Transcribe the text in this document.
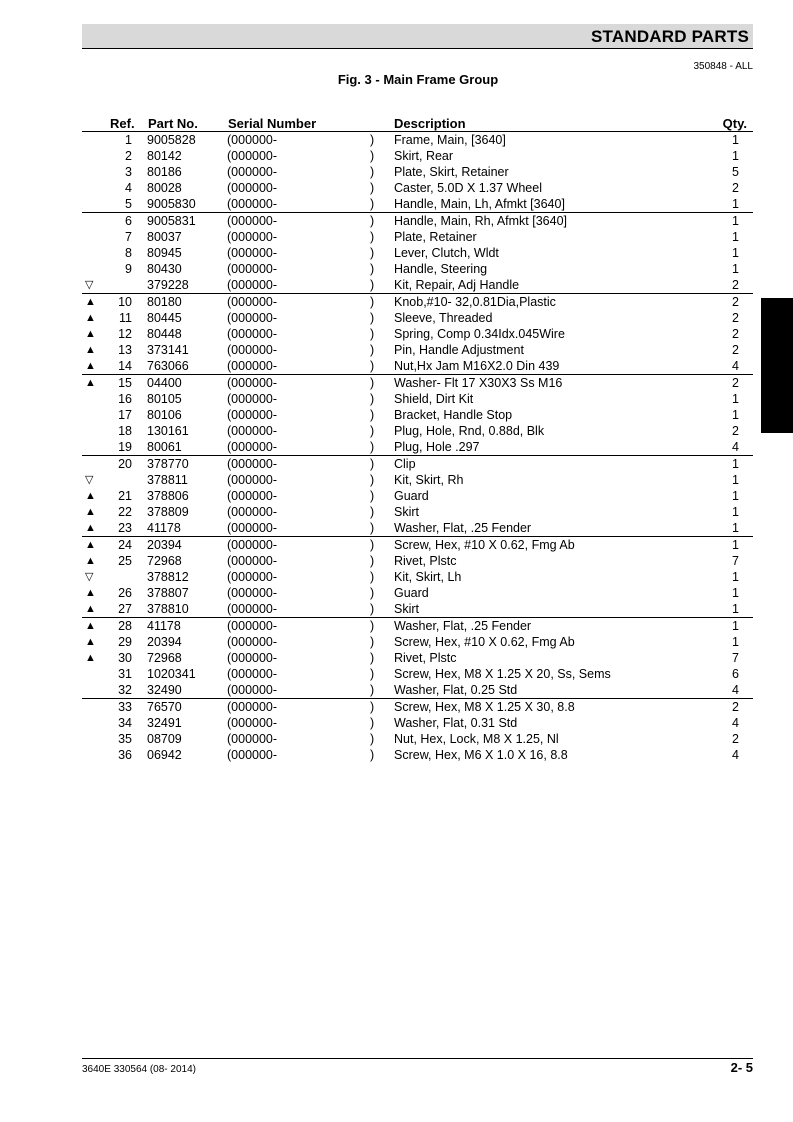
STANDARD PARTS
350848 - ALL
Fig. 3 - Main Frame Group
Ref. Part No. Serial Number	Description	Qty.
1 9005828	(000000-	) Frame, Main, [3640]	1
2 80142	(000000-	) Skirt, Rear	1
3 80186	(000000-	) Plate, Skirt, Retainer	5
4 80028	(000000-	) Caster, 5.0D X 1.37 Wheel	2
5 9005830	(000000-	) Handle, Main, Lh, Afmkt [3640]	1
6 9005831	(000000-	) Handle, Main, Rh, Afmkt [3640]	1
7 80037	(000000-	) Plate, Retainer	1
8 80945	(000000-	) Lever, Clutch, Wldt	1
9 80430	(000000-	) Handle, Steering	1
▽	379228	(000000-	) Kit, Repair, Adj Handle	2
▲	10 80180	(000000-	) Knob,#10- 32,0.81Dia,Plastic	2
▲	11 80445	(000000-	) Sleeve, Threaded	2
▲	12 80448	(000000-	) Spring, Comp 0.34Idx.045Wire	2
▲	13 373141	(000000-	) Pin, Handle Adjustment	2
▲	14 763066	(000000-	) Nut,Hx Jam M16X2.0 Din 439	4
▲	15 04400	(000000-	) Washer- Flt 17 X30X3 Ss M16	2
16 80105	(000000-	) Shield, Dirt Kit	1
17 80106	(000000-	) Bracket, Handle Stop	1
18 130161	(000000-	) Plug, Hole, Rnd, 0.88d, Blk	2
19 80061	(000000-	) Plug, Hole .297	4
20 378770	(000000-	) Clip	1
▽	378811	(000000-	) Kit, Skirt, Rh	1
▲	21 378806	(000000-	) Guard	1
▲	22 378809	(000000-	) Skirt	1
▲	23 41178	(000000-	) Washer, Flat, .25 Fender	1
▲	24 20394	(000000-	) Screw, Hex, #10 X 0.62, Fmg Ab	1
▲	25 72968	(000000-	) Rivet, Plstc	7
▽	378812	(000000-	) Kit, Skirt, Lh	1
▲	26 378807	(000000-	) Guard	1
▲	27 378810	(000000-	) Skirt	1
▲	28 41178	(000000-	) Washer, Flat, .25 Fender	1
▲	29 20394	(000000-	) Screw, Hex, #10 X 0.62, Fmg Ab	1
▲	30 72968	(000000-	) Rivet, Plstc	7
31 1020341	(000000-	) Screw, Hex, M8 X 1.25 X 20, Ss, Sems	6
32 32490	(000000-	) Washer, Flat, 0.25 Std	4
33 76570	(000000-	) Screw, Hex, M8 X 1.25 X 30, 8.8	2
34 32491	(000000-	) Washer, Flat, 0.31 Std	4
35 08709	(000000-	) Nut, Hex, Lock, M8 X 1.25, Nl	2
36 06942	(000000-	) Screw, Hex, M6 X 1.0 X 16, 8.8	4
3640E 330564 (08- 2014)	2- 5
